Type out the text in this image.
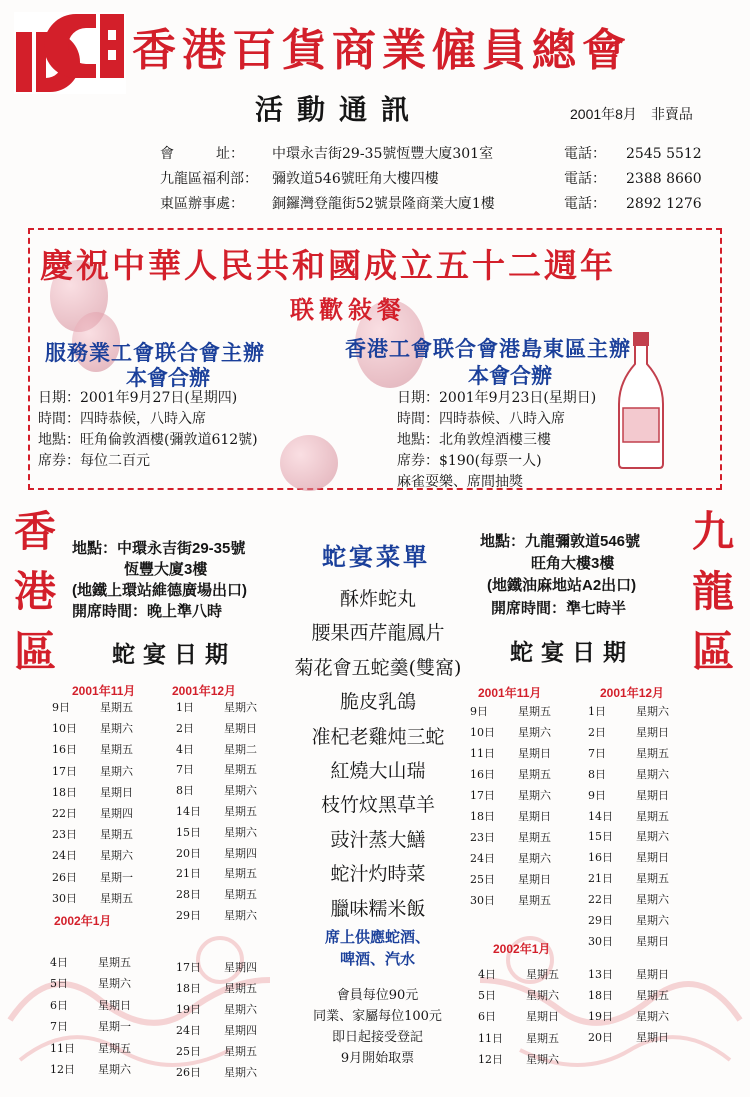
香港百貨商業僱員總會
活動通訊	2001年8月 非賣品
會　　　址： 中環永吉街29-35號恆豐大廈301室	電話： 2545 5512
九龍區福利部： 彌敦道546號旺角大樓四樓	電話： 2388 8660
東區辦事處： 銅鑼灣登龍街52號景隆商業大廈1樓	電話： 2892 1276
慶祝中華人民共和國成立五十二週年
联歡敍餐
服務業工會联合會主辦
本會合辦
日期：2001年9月27日(星期四)
時間：四時恭候，八時入席
地點：旺角倫敦酒樓(彌敦道612號)
席券：每位二百元
香港工會联合會港島東區主辦
本會合辦
日期：2001年9月23日(星期日)
時間：四時恭候、八時入席
地點：北角敦煌酒樓三樓
席券：$190(每票一人)
麻雀耍樂、席間抽獎
香
港
區
九
龍
區
地點：中環永吉街29-35號
恆豐大廈3樓
(地鐵上環站維德廣場出口)
開席時間：晚上準八時
蛇宴日期
地點：九龍彌敦道546號
旺角大樓3樓
(地鐵油麻地站A2出口)
開席時間：準七時半
蛇宴日期
蛇宴菜單
酥炸蛇丸
腰果西芹龍鳳片
菊花會五蛇羹(雙窩)
脆皮乳鴿
准杞老雞炖三蛇
紅燒大山瑞
枝竹炆黑草羊
豉汁蒸大鱔
蛇汁灼時菜
臘味糯米飯
席上供應蛇酒、
啤酒、汽水
會員每位90元
同業、家屬每位100元
即日起接受登記
9月開始取票
2001年11月	2001年12月
2002年1月
2001年11月	2001年12月
2002年1月
9日	星期五
10日 星期六
16日 星期五
17日 星期六
18日 星期日
22日 星期四
23日 星期五
24日 星期六
26日 星期一
30日 星期五
1日	星期六
2日	星期日
4日	星期二
7日	星期五
8日	星期六
14日 星期五
15日 星期六
20日 星期四
21日 星期五
28日 星期五
29日 星期六
4日	星期五
5日	星期六
6日	星期日
7日	星期一
11日 星期五
12日 星期六
17日 星期四
18日 星期五
19日 星期六
24日 星期四
25日 星期五
26日 星期六
9日	星期五
10日 星期六
11日 星期日
16日 星期五
17日 星期六
18日 星期日
23日 星期五
24日 星期六
25日 星期日
30日 星期五
1日	星期六
2日	星期日
7日	星期五
8日	星期六
9日	星期日
14日 星期五
15日 星期六
16日 星期日
21日 星期五
22日 星期六
29日 星期六
30日 星期日
4日	星期五
5日	星期六
6日	星期日
11日 星期五
12日 星期六
13日 星期日
18日 星期五
19日 星期六
20日 星期日
